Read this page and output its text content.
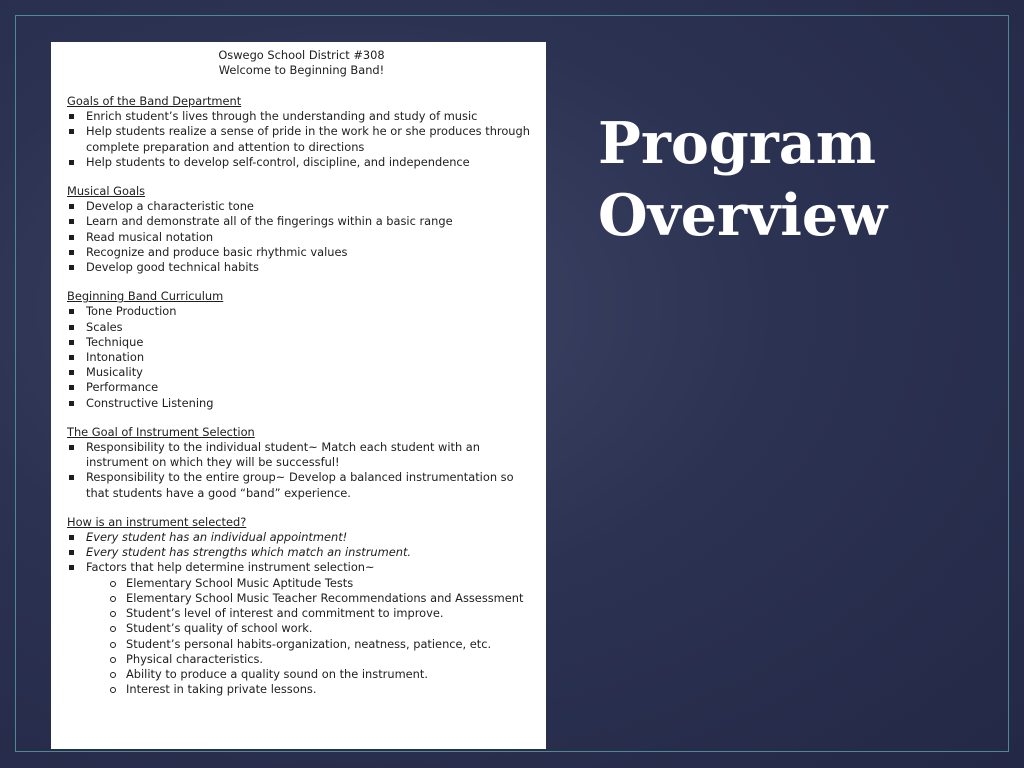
Oswego School District #308
Welcome to Beginning Band!
Goals of the Band Department
Enrich student’s lives through the understanding and study of music
Help students realize a sense of pride in the work he or she produces through complete preparation and attention to directions
Help students to develop self-control, discipline, and independence
Musical Goals
Develop a characteristic tone
Learn and demonstrate all of the fingerings within a basic range
Read musical notation
Recognize and produce basic rhythmic values
Develop good technical habits
Beginning Band Curriculum
Tone Production
Scales
Technique
Intonation
Musicality
Performance
Constructive Listening
The Goal of Instrument Selection
Responsibility to the individual student~ Match each student with an instrument on which they will be successful!
Responsibility to the entire group~ Develop a balanced instrumentation so that students have a good “band” experience.
How is an instrument selected?
Every student has an individual appointment!
Every student has strengths which match an instrument.
Factors that help determine instrument selection~
Elementary School Music Aptitude Tests
Elementary School Music Teacher Recommendations and Assessment
Student’s level of interest and commitment to improve.
Student’s quality of school work.
Student’s personal habits-organization, neatness, patience, etc.
Physical characteristics.
Ability to produce a quality sound on the instrument.
Interest in taking private lessons.
Program
Overview
